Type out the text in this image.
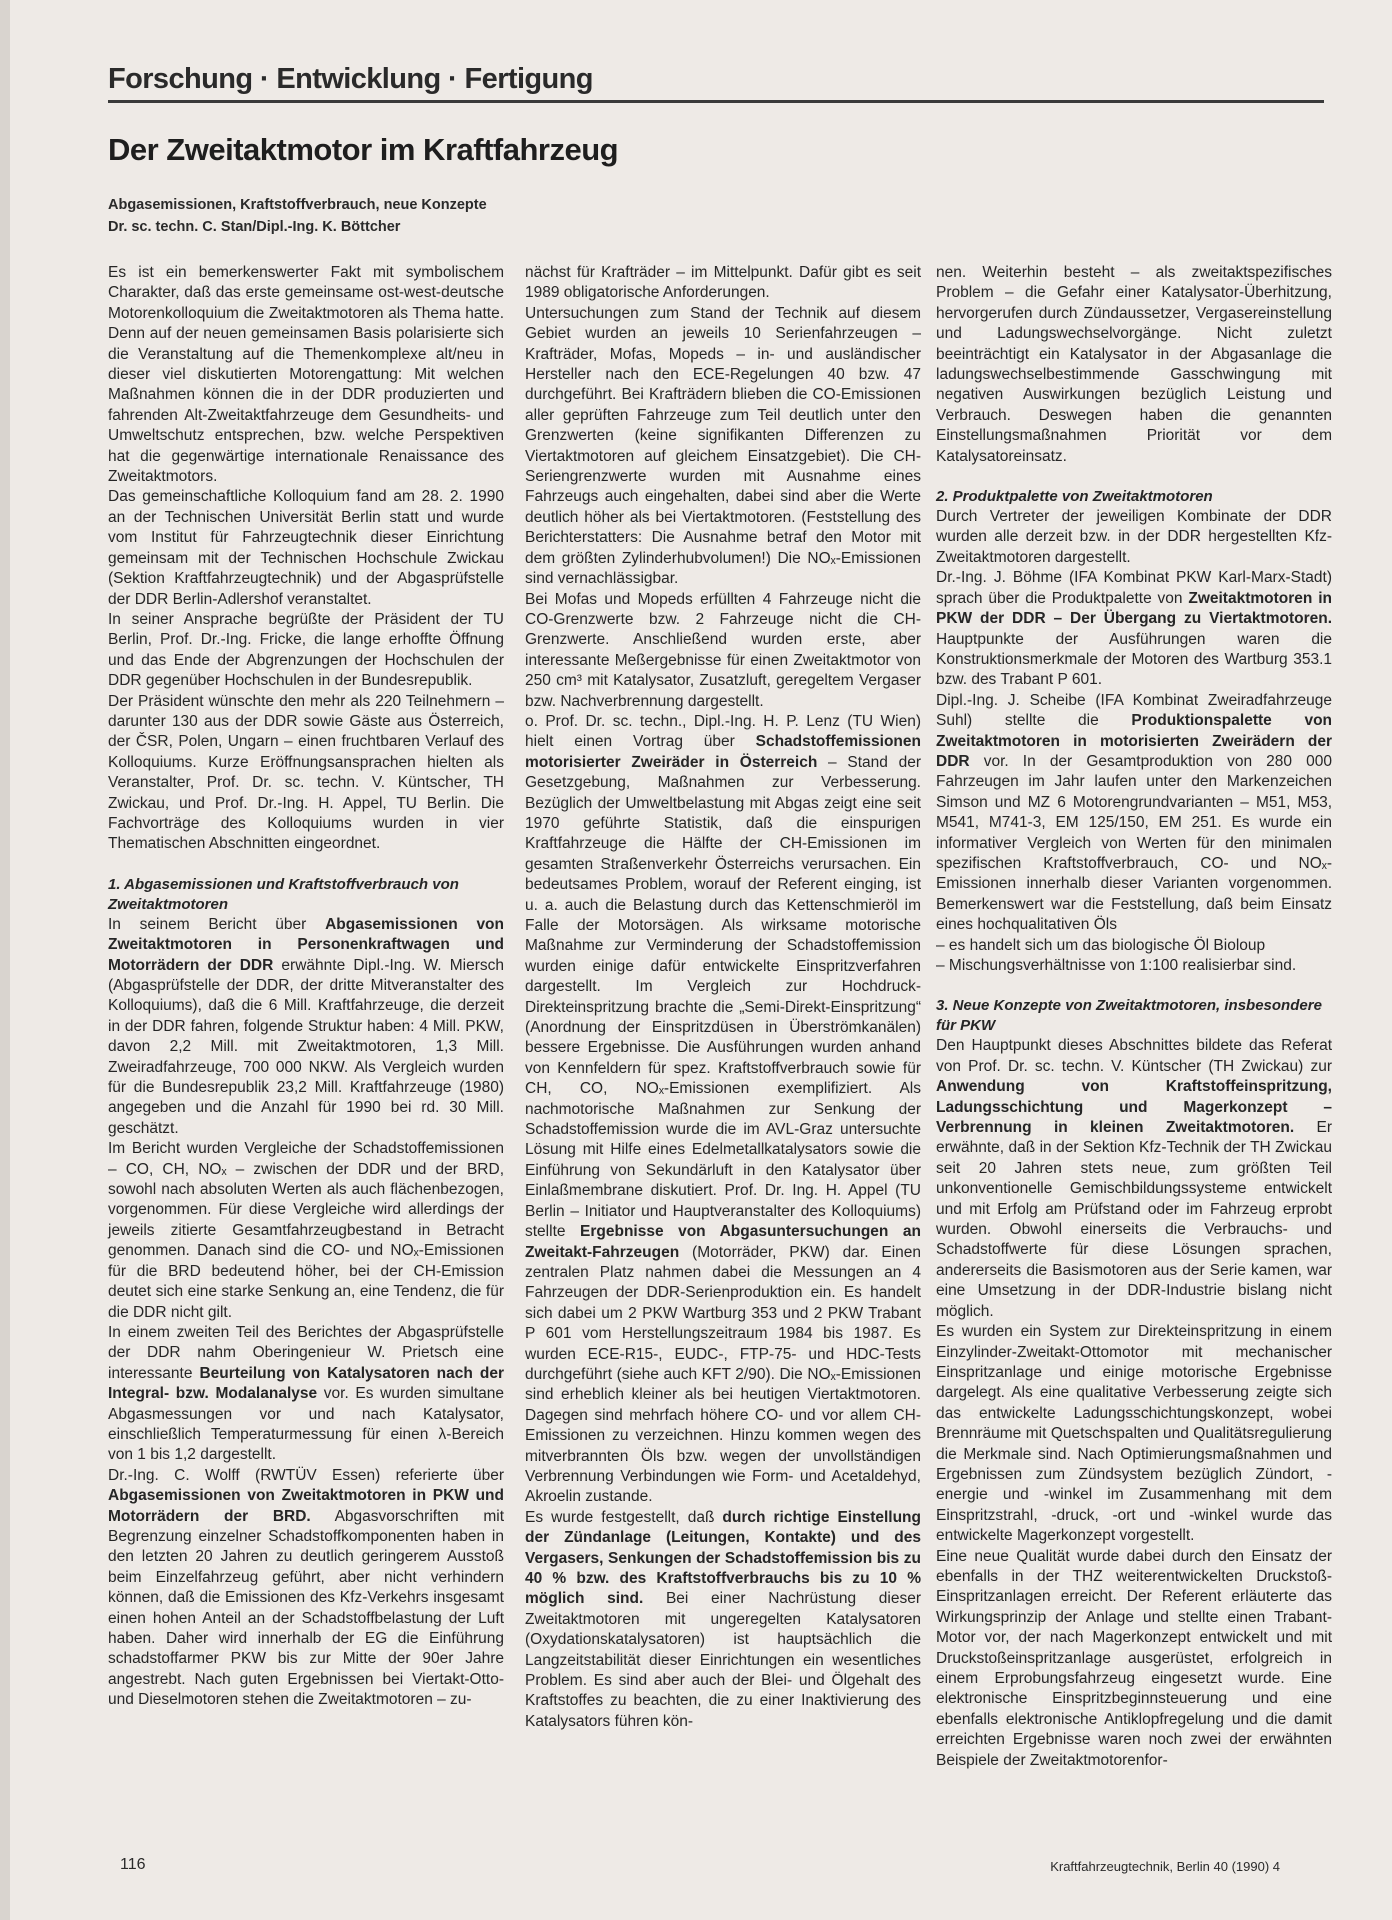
Forschung · Entwicklung · Fertigung
Der Zweitaktmotor im Kraftfahrzeug
Abgasemissionen, Kraftstoffverbrauch, neue Konzepte
Dr. sc. techn. C. Stan/Dipl.-Ing. K. Böttcher

Es ist ein bemerkenswerter Fakt mit symbolischem Charakter, daß das erste gemeinsame ost-west-deutsche Motorenkolloquium die Zweitaktmotoren als Thema hatte. Denn auf der neuen gemeinsamen Basis polarisierte sich die Veranstaltung auf die Themenkomplexe alt/neu in dieser viel diskutierten Motorengattung: Mit welchen Maßnahmen können die in der DDR produzierten und fahrenden Alt-Zweitaktfahrzeuge dem Gesundheits- und Umweltschutz entsprechen, bzw. welche Perspektiven hat die gegenwärtige internationale Renaissance des Zweitaktmotors.

Das gemeinschaftliche Kolloquium fand am 28. 2. 1990 an der Technischen Universität Berlin statt und wurde vom Institut für Fahrzeugtechnik dieser Einrichtung gemeinsam mit der Technischen Hochschule Zwickau (Sektion Kraftfahrzeugtechnik) und der Abgasprüfstelle der DDR Berlin-Adlershof veranstaltet.

In seiner Ansprache begrüßte der Präsident der TU Berlin, Prof. Dr.-Ing. Fricke, die lange erhoffte Öffnung und das Ende der Abgrenzungen der Hochschulen der DDR gegenüber Hochschulen in der Bundesrepublik.

Der Präsident wünschte den mehr als 220 Teilnehmern – darunter 130 aus der DDR sowie Gäste aus Österreich, der ČSR, Polen, Ungarn – einen fruchtbaren Verlauf des Kolloquiums. Kurze Eröffnungsansprachen hielten als Veranstalter, Prof. Dr. sc. techn. V. Küntscher, TH Zwickau, und Prof. Dr.-Ing. H. Appel, TU Berlin. Die Fachvorträge des Kolloquiums wurden in vier Thematischen Abschnitten eingeordnet.

1. Abgasemissionen und Kraftstoffverbrauch von Zweitaktmotoren

In seinem Bericht über Abgasemissionen von Zweitaktmotoren in Personenkraftwagen und Motorrädern der DDR erwähnte Dipl.-Ing. W. Miersch (Abgasprüfstelle der DDR, der dritte Mitveranstalter des Kolloquiums), daß die 6 Mill. Kraftfahrzeuge, die derzeit in der DDR fahren, folgende Struktur haben: 4 Mill. PKW, davon 2,2 Mill. mit Zweitaktmotoren, 1,3 Mill. Zweiradfahrzeuge, 700 000 NKW. Als Vergleich wurden für die Bundesrepublik 23,2 Mill. Kraftfahrzeuge (1980) angegeben und die Anzahl für 1990 bei rd. 30 Mill. geschätzt.

Im Bericht wurden Vergleiche der Schadstoffemissionen – CO, CH, NOₓ – zwischen der DDR und der BRD, sowohl nach absoluten Werten als auch flächenbezogen, vorgenommen. Für diese Vergleiche wird allerdings der jeweils zitierte Gesamtfahrzeugbestand in Betracht genommen. Danach sind die CO- und NOₓ-Emissionen für die BRD bedeutend höher, bei der CH-Emission deutet sich eine starke Senkung an, eine Tendenz, die für die DDR nicht gilt.

In einem zweiten Teil des Berichtes der Abgasprüfstelle der DDR nahm Oberingenieur W. Prietsch eine interessante Beurteilung von Katalysatoren nach der Integral- bzw. Modalanalyse vor. Es wurden simultane Abgasmessungen vor und nach Katalysator, einschließlich Temperaturmessung für einen λ-Bereich von 1 bis 1,2 dargestellt.

Dr.-Ing. C. Wolff (RWTÜV Essen) referierte über Abgasemissionen von Zweitaktmotoren in PKW und Motorrädern der BRD. Abgasvorschriften mit Begrenzung einzelner Schadstoffkomponenten haben in den letzten 20 Jahren zu deutlich geringerem Ausstoß beim Einzelfahrzeug geführt, aber nicht verhindern können, daß die Emissionen des Kfz-Verkehrs insgesamt einen hohen Anteil an der Schadstoffbelastung der Luft haben. Daher wird innerhalb der EG die Einführung schadstoffarmer PKW bis zur Mitte der 90er Jahre angestrebt. Nach guten Ergebnissen bei Viertakt-Otto- und Dieselmotoren stehen die Zweitaktmotoren – zu-

nächst für Krafträder – im Mittelpunkt. Dafür gibt es seit 1989 obligatorische Anforderungen.

Untersuchungen zum Stand der Technik auf diesem Gebiet wurden an jeweils 10 Serienfahrzeugen – Krafträder, Mofas, Mopeds – in- und ausländischer Hersteller nach den ECE-Regelungen 40 bzw. 47 durchgeführt. Bei Krafträdern blieben die CO-Emissionen aller geprüften Fahrzeuge zum Teil deutlich unter den Grenzwerten (keine signifikanten Differenzen zu Viertaktmotoren auf gleichem Einsatzgebiet). Die CH-Seriengrenzwerte wurden mit Ausnahme eines Fahrzeugs auch eingehalten, dabei sind aber die Werte deutlich höher als bei Viertaktmotoren. (Feststellung des Berichterstatters: Die Ausnahme betraf den Motor mit dem größten Zylinderhubvolumen!) Die NOₓ-Emissionen sind vernachlässigbar.

Bei Mofas und Mopeds erfüllten 4 Fahrzeuge nicht die CO-Grenzwerte bzw. 2 Fahrzeuge nicht die CH-Grenzwerte. Anschließend wurden erste, aber interessante Meßergebnisse für einen Zweitaktmotor von 250 cm³ mit Katalysator, Zusatzluft, geregeltem Vergaser bzw. Nachverbrennung dargestellt.

o. Prof. Dr. sc. techn., Dipl.-Ing. H. P. Lenz (TU Wien) hielt einen Vortrag über Schadstoffemissionen motorisierter Zweiräder in Österreich – Stand der Gesetzgebung, Maßnahmen zur Verbesserung. Bezüglich der Umweltbelastung mit Abgas zeigt eine seit 1970 geführte Statistik, daß die einspurigen Kraftfahrzeuge die Hälfte der CH-Emissionen im gesamten Straßenverkehr Österreichs verursachen. Ein bedeutsames Problem, worauf der Referent einging, ist u. a. auch die Belastung durch das Kettenschmieröl im Falle der Motorsägen. Als wirksame motorische Maßnahme zur Verminderung der Schadstoffemission wurden einige dafür entwickelte Einspritzverfahren dargestellt. Im Vergleich zur Hochdruck-Direkteinspritzung brachte die „Semi-Direkt-Einspritzung“ (Anordnung der Einspritzdüsen in Überströmkanälen) bessere Ergebnisse. Die Ausführungen wurden anhand von Kennfeldern für spez. Kraftstoffverbrauch sowie für CH, CO, NOₓ-Emissionen exemplifiziert. Als nachmotorische Maßnahmen zur Senkung der Schadstoffemission wurde die im AVL-Graz untersuchte Lösung mit Hilfe eines Edelmetallkatalysators sowie die Einführung von Sekundärluft in den Katalysator über Einlaßmembrane diskutiert. Prof. Dr. Ing. H. Appel (TU Berlin – Initiator und Hauptveranstalter des Kolloquiums) stellte Ergebnisse von Abgasuntersuchungen an Zweitakt-Fahrzeugen (Motorräder, PKW) dar. Einen zentralen Platz nahmen dabei die Messungen an 4 Fahrzeugen der DDR-Serienproduktion ein. Es handelt sich dabei um 2 PKW Wartburg 353 und 2 PKW Trabant P 601 vom Herstellungszeitraum 1984 bis 1987. Es wurden ECE-R15-, EUDC-, FTP-75- und HDC-Tests durchgeführt (siehe auch KFT 2/90). Die NOₓ-Emissionen sind erheblich kleiner als bei heutigen Viertaktmotoren. Dagegen sind mehrfach höhere CO- und vor allem CH-Emissionen zu verzeichnen. Hinzu kommen wegen des mitverbrannten Öls bzw. wegen der unvollständigen Verbrennung Verbindungen wie Form- und Acetaldehyd, Akroelin zustande.

Es wurde festgestellt, daß durch richtige Einstellung der Zündanlage (Leitungen, Kontakte) und des Vergasers, Senkungen der Schadstoffemission bis zu 40 % bzw. des Kraftstoffverbrauchs bis zu 10 % möglich sind. Bei einer Nachrüstung dieser Zweitaktmotoren mit ungeregelten Katalysatoren (Oxydationskatalysatoren) ist hauptsächlich die Langzeitstabilität dieser Einrichtungen ein wesentliches Problem. Es sind aber auch der Blei- und Ölgehalt des Kraftstoffes zu beachten, die zu einer Inaktivierung des Katalysators führen kön-

nen. Weiterhin besteht – als zweitaktspezifisches Problem – die Gefahr einer Katalysator-Überhitzung, hervorgerufen durch Zündaussetzer, Vergasereinstellung und Ladungswechselvorgänge. Nicht zuletzt beeinträchtigt ein Katalysator in der Abgasanlage die ladungswechselbestimmende Gasschwingung mit negativen Auswirkungen bezüglich Leistung und Verbrauch. Deswegen haben die genannten Einstellungsmaßnahmen Priorität vor dem Katalysatoreinsatz.

2. Produktpalette von Zweitaktmotoren

Durch Vertreter der jeweiligen Kombinate der DDR wurden alle derzeit bzw. in der DDR hergestellten Kfz-Zweitaktmotoren dargestellt.

Dr.-Ing. J. Böhme (IFA Kombinat PKW Karl-Marx-Stadt) sprach über die Produktpalette von Zweitaktmotoren in PKW der DDR – Der Übergang zu Viertaktmotoren. Hauptpunkte der Ausführungen waren die Konstruktionsmerkmale der Motoren des Wartburg 353.1 bzw. des Trabant P 601.

Dipl.-Ing. J. Scheibe (IFA Kombinat Zweiradfahrzeuge Suhl) stellte die Produktionspalette von Zweitaktmotoren in motorisierten Zweirädern der DDR vor. In der Gesamtproduktion von 280 000 Fahrzeugen im Jahr laufen unter den Markenzeichen Simson und MZ 6 Motorengrundvarianten – M51, M53, M541, M741-3, EM 125/150, EM 251. Es wurde ein informativer Vergleich von Werten für den minimalen spezifischen Kraftstoffverbrauch, CO- und NOₓ-Emissionen innerhalb dieser Varianten vorgenommen. Bemerkenswert war die Feststellung, daß beim Einsatz eines hochqualitativen Öls

– es handelt sich um das biologische Öl Bioloup

– Mischungsverhältnisse von 1:100 realisierbar sind.

3. Neue Konzepte von Zweitaktmotoren, insbesondere für PKW

Den Hauptpunkt dieses Abschnittes bildete das Referat von Prof. Dr. sc. techn. V. Küntscher (TH Zwickau) zur Anwendung von Kraftstoffeinspritzung, Ladungsschichtung und Magerkonzept – Verbrennung in kleinen Zweitaktmotoren. Er erwähnte, daß in der Sektion Kfz-Technik der TH Zwickau seit 20 Jahren stets neue, zum größten Teil unkonventionelle Gemischbildungssysteme entwickelt und mit Erfolg am Prüfstand oder im Fahrzeug erprobt wurden. Obwohl einerseits die Verbrauchs- und Schadstoffwerte für diese Lösungen sprachen, andererseits die Basismotoren aus der Serie kamen, war eine Umsetzung in der DDR-Industrie bislang nicht möglich.

Es wurden ein System zur Direkteinspritzung in einem Einzylinder-Zweitakt-Ottomotor mit mechanischer Einspritzanlage und einige motorische Ergebnisse dargelegt. Als eine qualitative Verbesserung zeigte sich das entwickelte Ladungsschichtungskonzept, wobei Brennräume mit Quetschspalten und Qualitätsregulierung die Merkmale sind. Nach Optimierungsmaßnahmen und Ergebnissen zum Zündsystem bezüglich Zündort, -energie und -winkel im Zusammenhang mit dem Einspritzstrahl, -druck, -ort und -winkel wurde das entwickelte Magerkonzept vorgestellt.

Eine neue Qualität wurde dabei durch den Einsatz der ebenfalls in der THZ weiterentwickelten Druckstoß-Einspritzanlagen erreicht. Der Referent erläuterte das Wirkungsprinzip der Anlage und stellte einen Trabant-Motor vor, der nach Magerkonzept entwickelt und mit Druckstoßeinspritzanlage ausgerüstet, erfolgreich in einem Erprobungsfahrzeug eingesetzt wurde. Eine elektronische Einspritzbeginnsteuerung und eine ebenfalls elektronische Antiklopfregelung und die damit erreichten Ergebnisse waren noch zwei der erwähnten Beispiele der Zweitaktmotorenfor-

116	Kraftfahrzeugtechnik, Berlin 40 (1990) 4
